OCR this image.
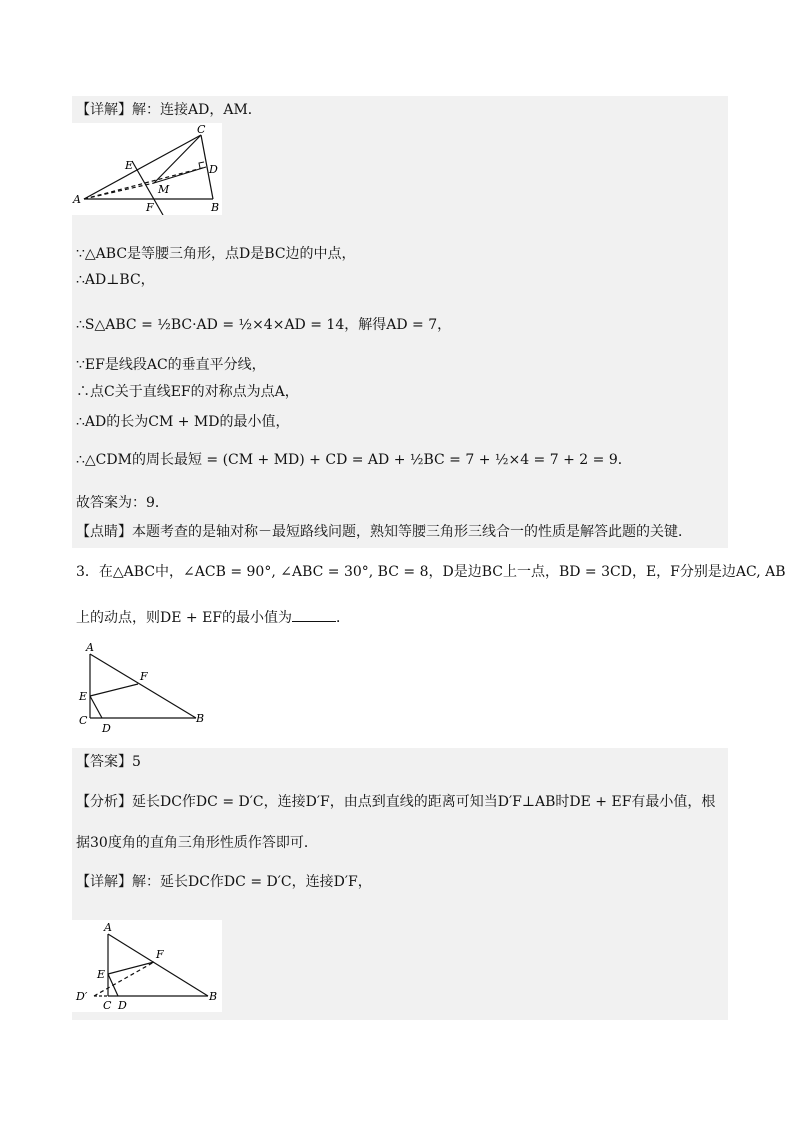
【详解】解：连接AD，AM．
C
E	D
M
A
F	B
∵△ABC是等腰三角形，点D是BC边的中点，
∴AD⊥BC，
∴S△ABC = ½BC·AD = ½×4×AD = 14，解得AD = 7，
∵EF是线段AC的垂直平分线，
∴点C关于直线EF的对称点为点A，
∴AD的长为CM + MD的最小值，
∴△CDM的周长最短 = (CM + MD) + CD = AD + ½BC = 7 + ½×4 = 7 + 2 = 9．
故答案为：9．
【点睛】本题考查的是轴对称－最短路线问题，熟知等腰三角形三线合一的性质是解答此题的关键．
3．在△ABC中，∠ACB = 90°, ∠ABC = 30°, BC = 8，D是边BC上一点，BD = 3CD，E，F分别是边AC, AB
上的动点，则DE + EF的最小值为	．
A
F
E
C
D
B
【答案】5
【分析】延长DC作DC = D′C，连接D′F，由点到直线的距离可知当D′F⊥AB时DE + EF有最小值，根
据30度角的直角三角形性质作答即可．
【详解】解：延长DC作DC = D′C，连接D′F，
A
F
E
D′
C D
B
